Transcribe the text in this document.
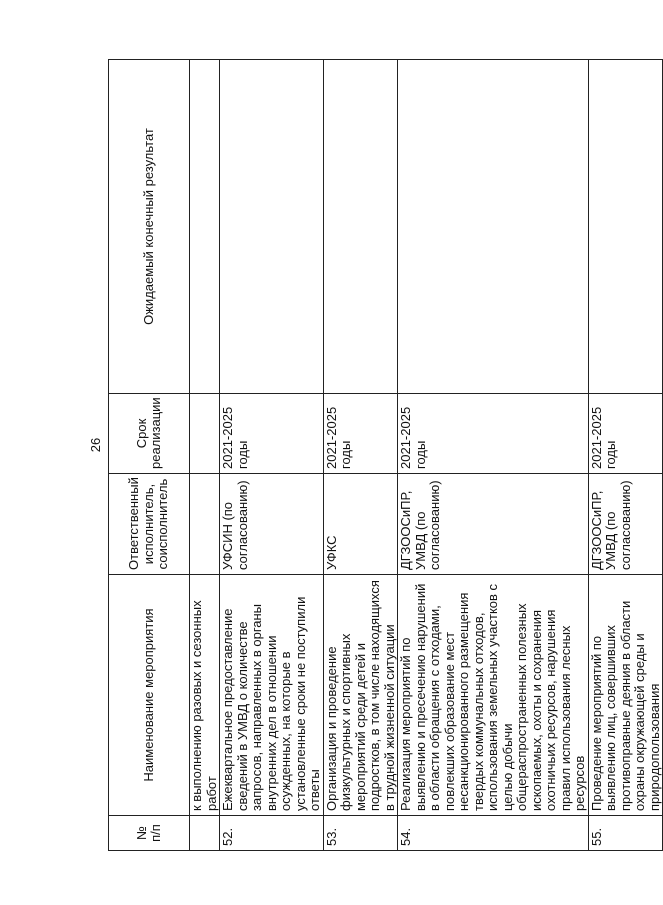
26
№ п/п	Наименование мероприятия	Ответственный исполнитель, соисполнитель	Срок реализации	Ожидаемый конечный результат
	к выполнению разовых и сезонных работ			
52.	Ежеквартальное предоставление сведений в УМВД о количестве запросов, направленных в органы внутренних дел в отношении осужденных, на которые в установленные сроки не поступили ответы	УФСИН (по согласованию)	2021-2025 годы	
53.	Организация и проведение физкультурных и спортивных мероприятий среди детей и подростков, в том числе находящихся в трудной жизненной ситуации	УФКС	2021-2025 годы	
54.	Реализация мероприятий по выявлению и пресечению нарушений в области обращения с отходами, повлекших образование мест несанкционированного размещения твердых коммунальных отходов, использования земельных участков с целью добычи общераспространенных полезных ископаемых, охоты и сохранения охотничьих ресурсов, нарушения правил использования лесных ресурсов	ДГЗООСиПР, УМВД (по согласованию)	2021-2025 годы	
55.	Проведение мероприятий по выявлению лиц, совершивших противоправные деяния в области охраны окружающей среды и природопользования	ДГЗООСиПР, УМВД (по согласованию)	2021-2025 годы	
